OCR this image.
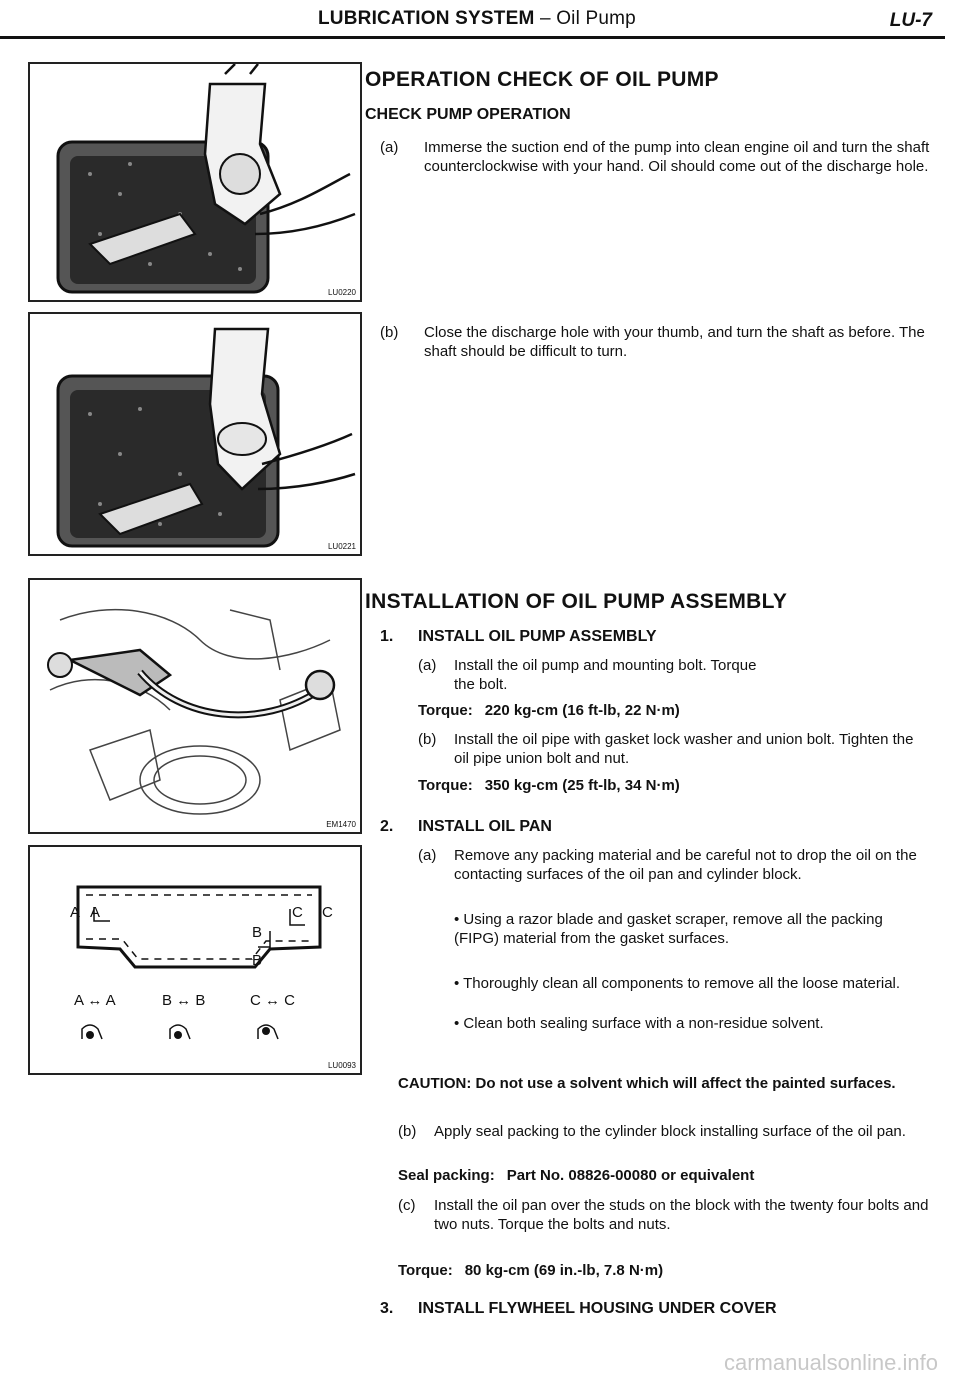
LUBRICATION SYSTEM – Oil Pump	LU-7
LU0220
LU0221
EM1470
A A	C C
B
B
A ↔ A	B ↔ B	C ↔ C
LU0093
OPERATION CHECK OF OIL PUMP
CHECK PUMP OPERATION
(a) Immerse the suction end of the pump into clean engine oil and turn the shaft counterclockwise with your hand. Oil should come out of the discharge hole.
(b) Close the discharge hole with your thumb, and turn the shaft as before. The shaft should be difficult to turn.
INSTALLATION OF OIL PUMP ASSEMBLY
1. INSTALL OIL PUMP ASSEMBLY
(a) Install the oil pump and mounting bolt. Torque the bolt.
Torque: 220 kg-cm (16 ft-lb, 22 N·m)
(b) Install the oil pipe with gasket lock washer and union bolt. Tighten the oil pipe union bolt and nut.
Torque: 350 kg-cm (25 ft-lb, 34 N·m)
2. INSTALL OIL PAN
(a) Remove any packing material and be careful not to drop the oil on the contacting surfaces of the oil pan and cylinder block.
• Using a razor blade and gasket scraper, remove all the packing (FIPG) material from the gasket surfaces.
• Thoroughly clean all components to remove all the loose material.
• Clean both sealing surface with a non-residue solvent.
CAUTION: Do not use a solvent which will affect the painted surfaces.
(b) Apply seal packing to the cylinder block installing surface of the oil pan.
Seal packing: Part No. 08826-00080 or equivalent
(c) Install the oil pan over the studs on the block with the twenty four bolts and two nuts. Torque the bolts and nuts.
Torque: 80 kg-cm (69 in.-lb, 7.8 N·m)
3. INSTALL FLYWHEEL HOUSING UNDER COVER
carmanualsonline.info
